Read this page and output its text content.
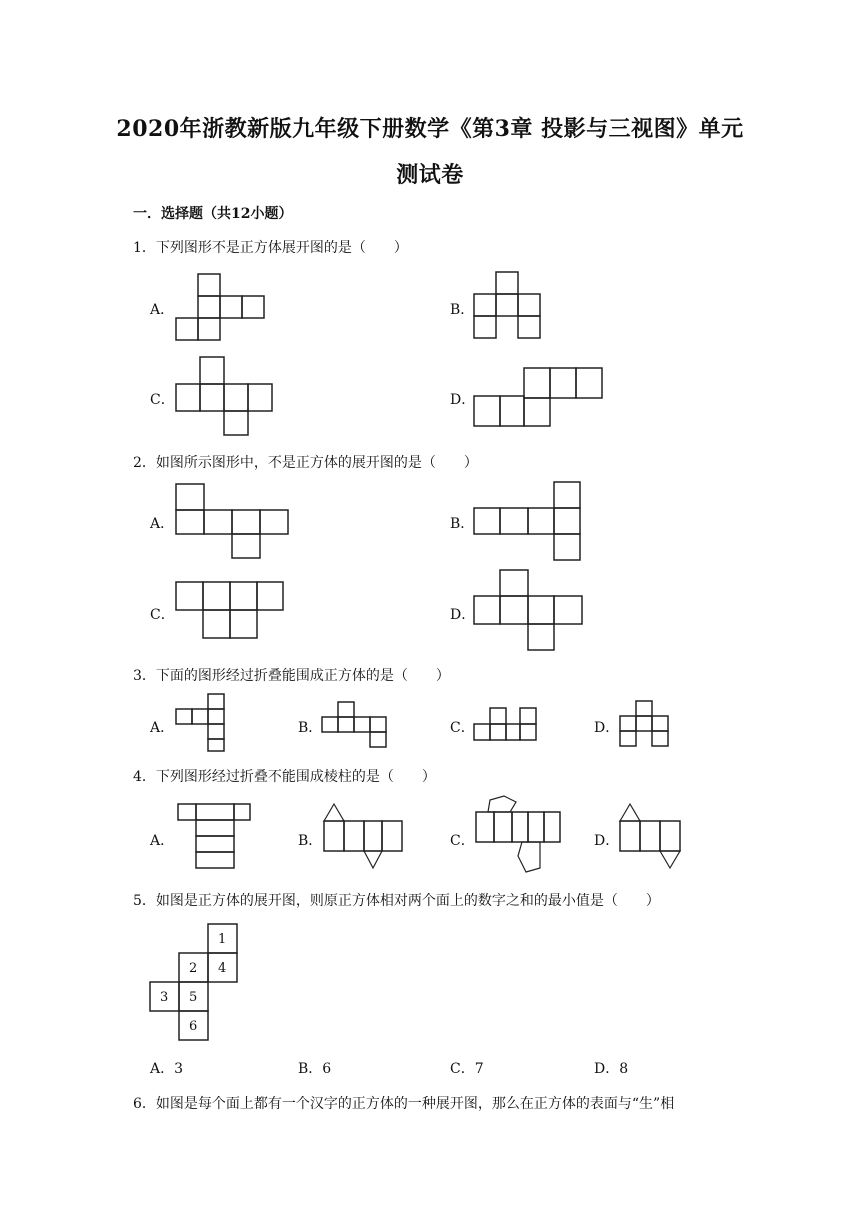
2020年浙教新版九年级下册数学《第3章 投影与三视图》单元
测试卷
一．选择题（共12小题）
1．下列图形不是正方体展开图的是（　　）
A．	B．
C．	D．
2．如图所示图形中，不是正方体的展开图的是（　　）
A．	B．
C．	D．
3．下面的图形经过折叠能围成正方体的是（　　）
A．	B．	C．	D．
4．下列图形经过折叠不能围成棱柱的是（　　）
A．	B．	C．	D．
5．如图是正方体的展开图，则原正方体相对两个面上的数字之和的最小值是（　　）
1
2 4
3 5
6
A．3	B．6	C．7	D．8
6．如图是每个面上都有一个汉字的正方体的一种展开图，那么在正方体的表面与“生”相
